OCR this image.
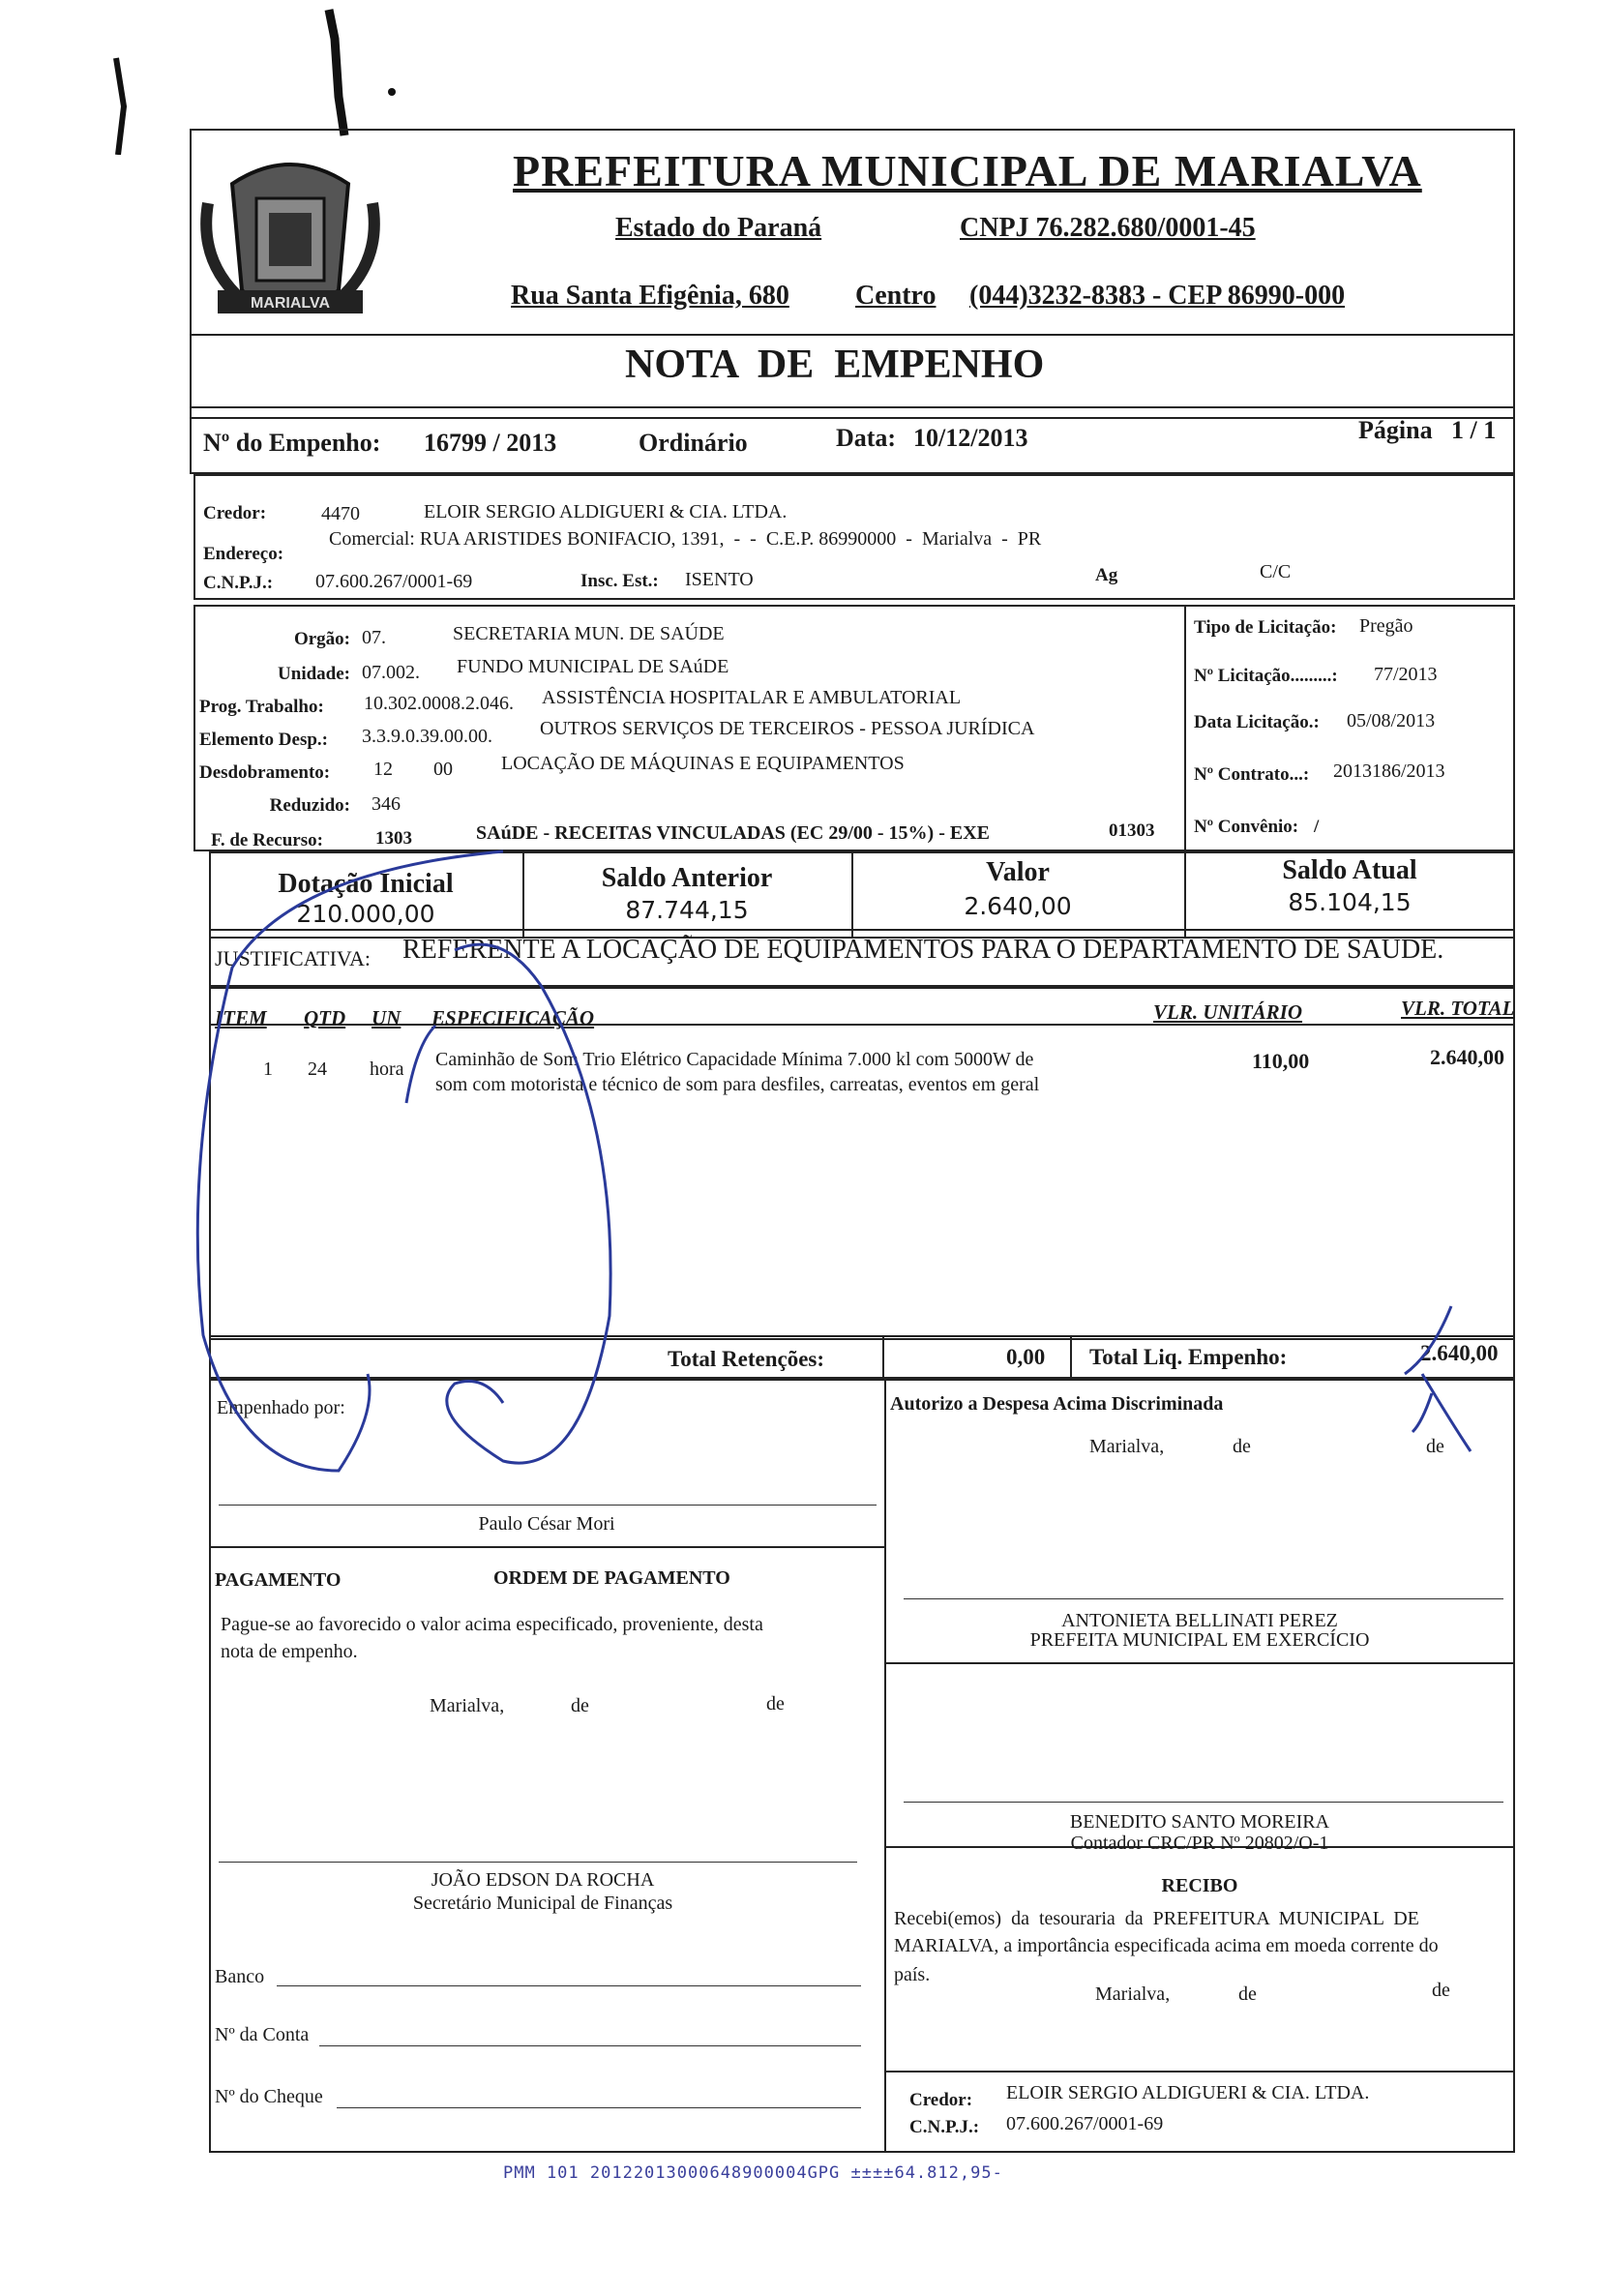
MARIALVA
PREFEITURA MUNICIPAL DE MARIALVA
Estado do Paraná	CNPJ 76.282.680/0001-45
Rua Santa Efigênia, 680 Centro (044)3232-8383 - CEP 86990-000
NOTA  DE  EMPENHO
Nº do Empenho: 16799 / 2013	Ordinário	Data: 10/12/2013	Página 1 / 1
Credor:	4470	ELOIR SERGIO ALDIGUERI & CIA. LTDA.
Endereço:
Comercial: RUA ARISTIDES BONIFACIO, 1391,  -  -  C.E.P. 86990000  -  Marialva  -  PR
C.N.P.J.: 07.600.267/0001-69	Insc. Est.: ISENTO	Ag	C/C
Orgão: 07.	SECRETARIA MUN. DE SAÚDE
Unidade: 07.002. FUNDO MUNICIPAL DE SAúDE
Prog. Trabalho: 10.302.0008.2.046. ASSISTÊNCIA HOSPITALAR E AMBULATORIAL
Elemento Desp.: 3.3.9.0.39.00.00. OUTROS SERVIÇOS DE TERCEIROS - PESSOA JURÍDICA
Desdobramento: 12 00	LOCAÇÃO DE MÁQUINAS E EQUIPAMENTOS
Reduzido: 346
F. de Recurso:	1303	SAúDE - RECEITAS VINCULADAS (EC 29/00 - 15%) - EXE	01303
Tipo de Licitação: Pregão
Nº Licitação.........: 77/2013
Data Licitação.: 05/08/2013
Nº Contrato...: 2013186/2013
Nº Convênio: /
Dotação Inicial
210.000,00
Saldo Anterior
87.744,15
Valor
2.640,00
Saldo Atual
85.104,15
JUSTIFICATIVA: REFERENTE A LOCAÇÃO DE EQUIPAMENTOS PARA O DEPARTAMENTO DE SAUDE.
ITEM QTD UN ESPECIFICAÇÃO	VLR. UNITÁRIO	VLR. TOTAL
1 24 hora Caminhão de Som Trio Elétrico Capacidade Mínima 7.000 kl com 5000W de
som com motorista e técnico de som para desfiles, carreatas, eventos em geral
110,00	2.640,00
Total Retenções:	0,00 Total Liq. Empenho:	2.640,00
Empenhado por:
Paulo César Mori
Autorizo a Despesa Acima Discriminada
Marialva,	de	de
ANTONIETA BELLINATI PEREZ
PREFEITA MUNICIPAL EM EXERCÍCIO
PAGAMENTO	ORDEM DE PAGAMENTO
Pague-se ao favorecido o valor acima especificado, proveniente, desta
nota de empenho.
Marialva,	de	de
JOÃO EDSON DA ROCHA
Secretário Municipal de Finanças
Banco
Nº da Conta
Nº do Cheque
BENEDITO SANTO MOREIRA
Contador CRC/PR Nº 20802/O-1
RECIBO
Recebi(emos)  da  tesouraria  da  PREFEITURA  MUNICIPAL  DE
MARIALVA, a importância especificada acima em moeda corrente do
país.
Marialva,	de	de
Credor: ELOIR SERGIO ALDIGUERI & CIA. LTDA.
C.N.P.J.: 07.600.267/0001-69
PMM 101 20122013000648900004GPG ±±±±64.812,95-
